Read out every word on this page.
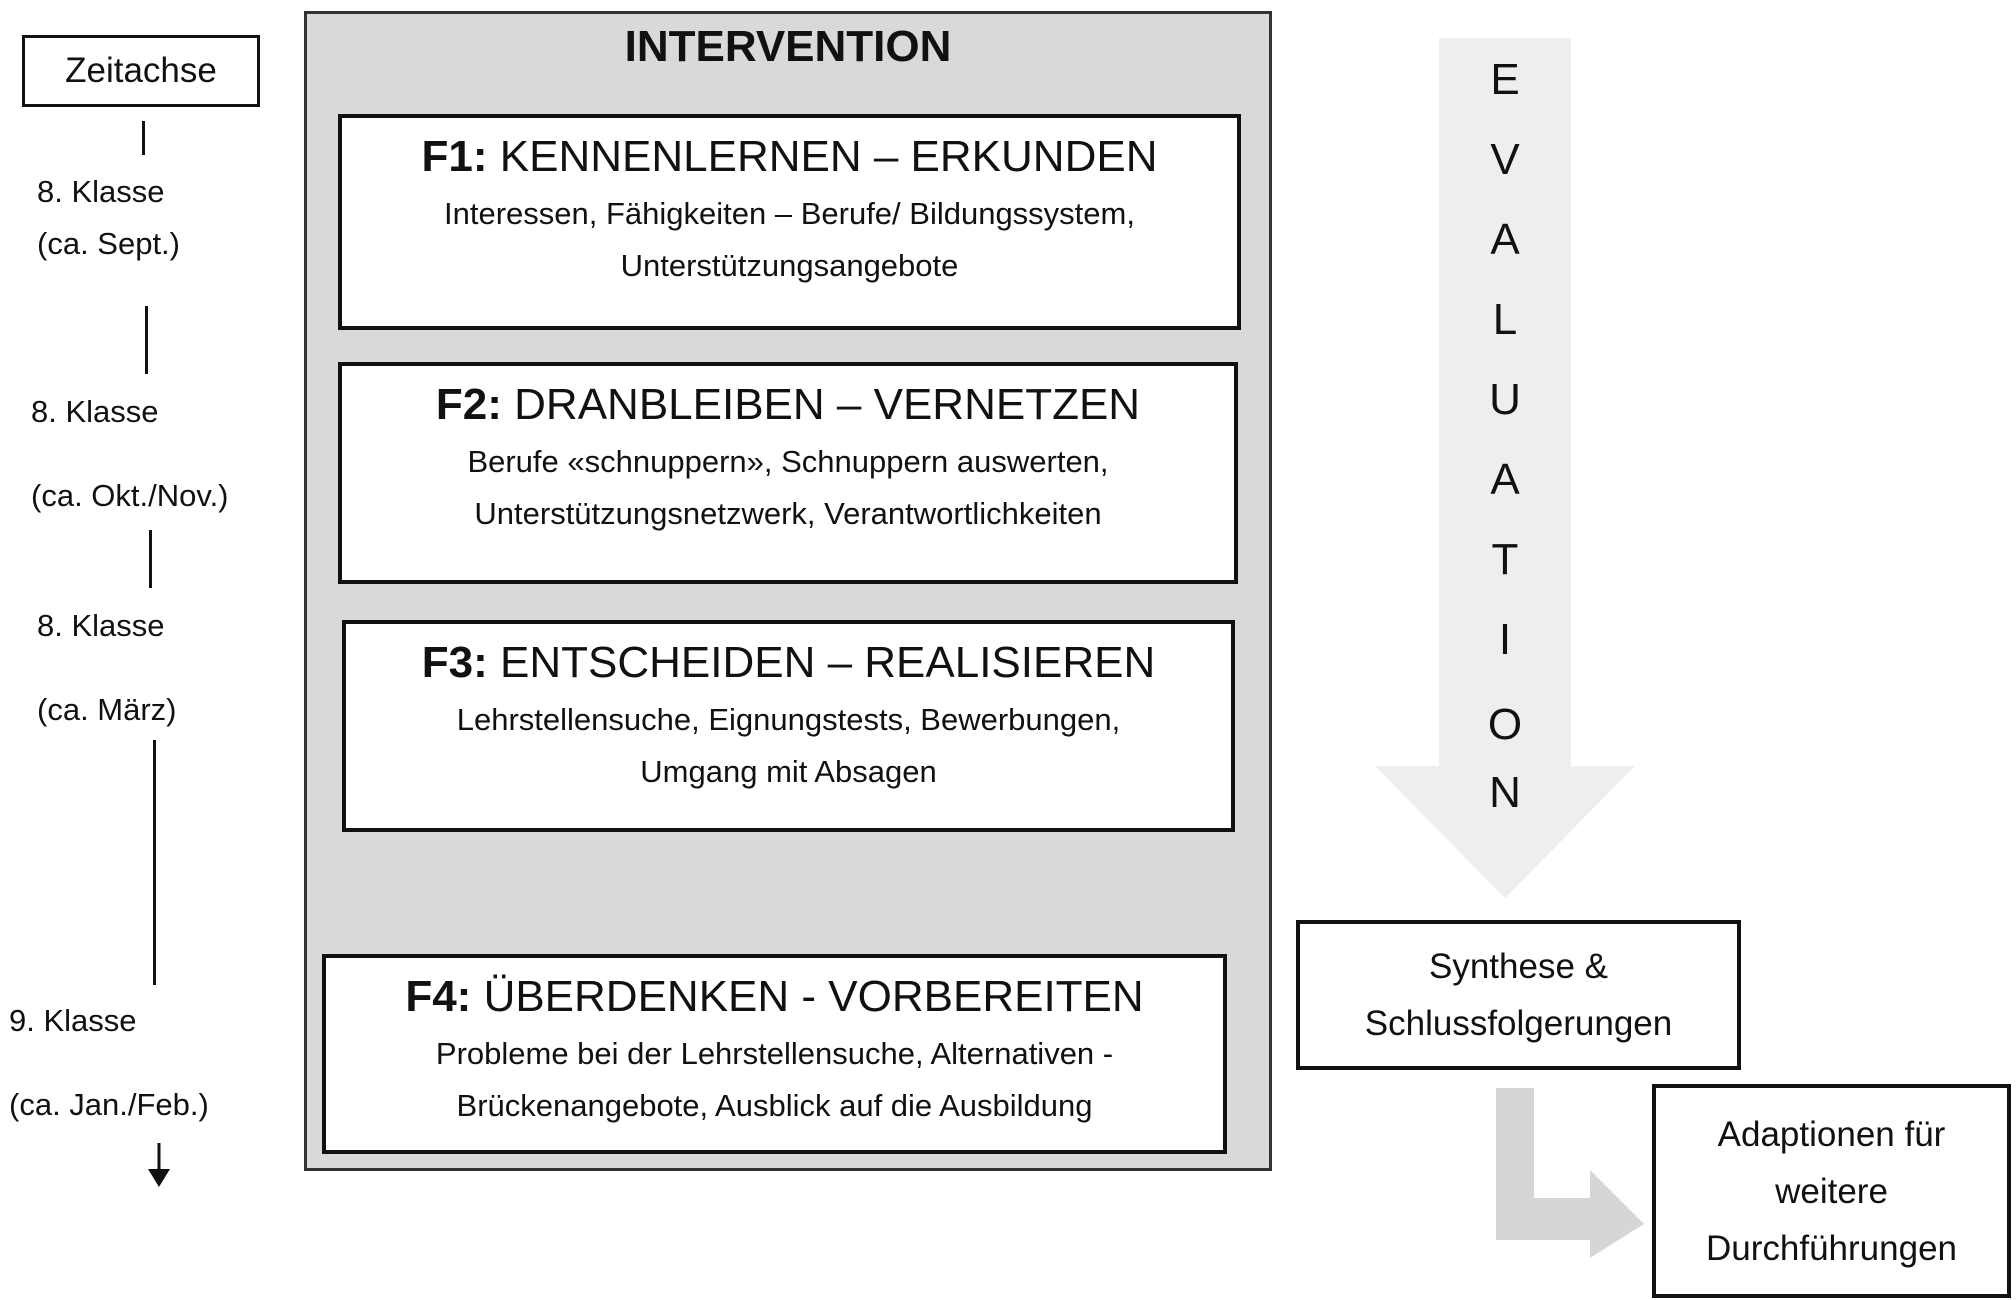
Zeitachse
8. Klasse
(ca. Sept.)
8. Klasse
(ca. Okt./Nov.)
8. Klasse
(ca. März)
9. Klasse
(ca. Jan./Feb.)
INTERVENTION
F1: KENNENLERNEN – ERKUNDEN
Interessen, Fähigkeiten – Berufe/ Bildungssystem,
Unterstützungsangebote
F2: DRANBLEIBEN – VERNETZEN
Berufe «schnuppern», Schnuppern auswerten,
Unterstützungsnetzwerk, Verantwortlichkeiten
F3: ENTSCHEIDEN – REALISIEREN
Lehrstellensuche, Eignungstests, Bewerbungen,
Umgang mit Absagen
F4: ÜBERDENKEN - VORBEREITEN
Probleme bei der Lehrstellensuche, Alternativen -
Brückenangebote, Ausblick auf die Ausbildung
E
V
A
L
U
A
T
I
O
N
Synthese &
Schlussfolgerungen
Adaptionen für
weitere
Durchführungen
